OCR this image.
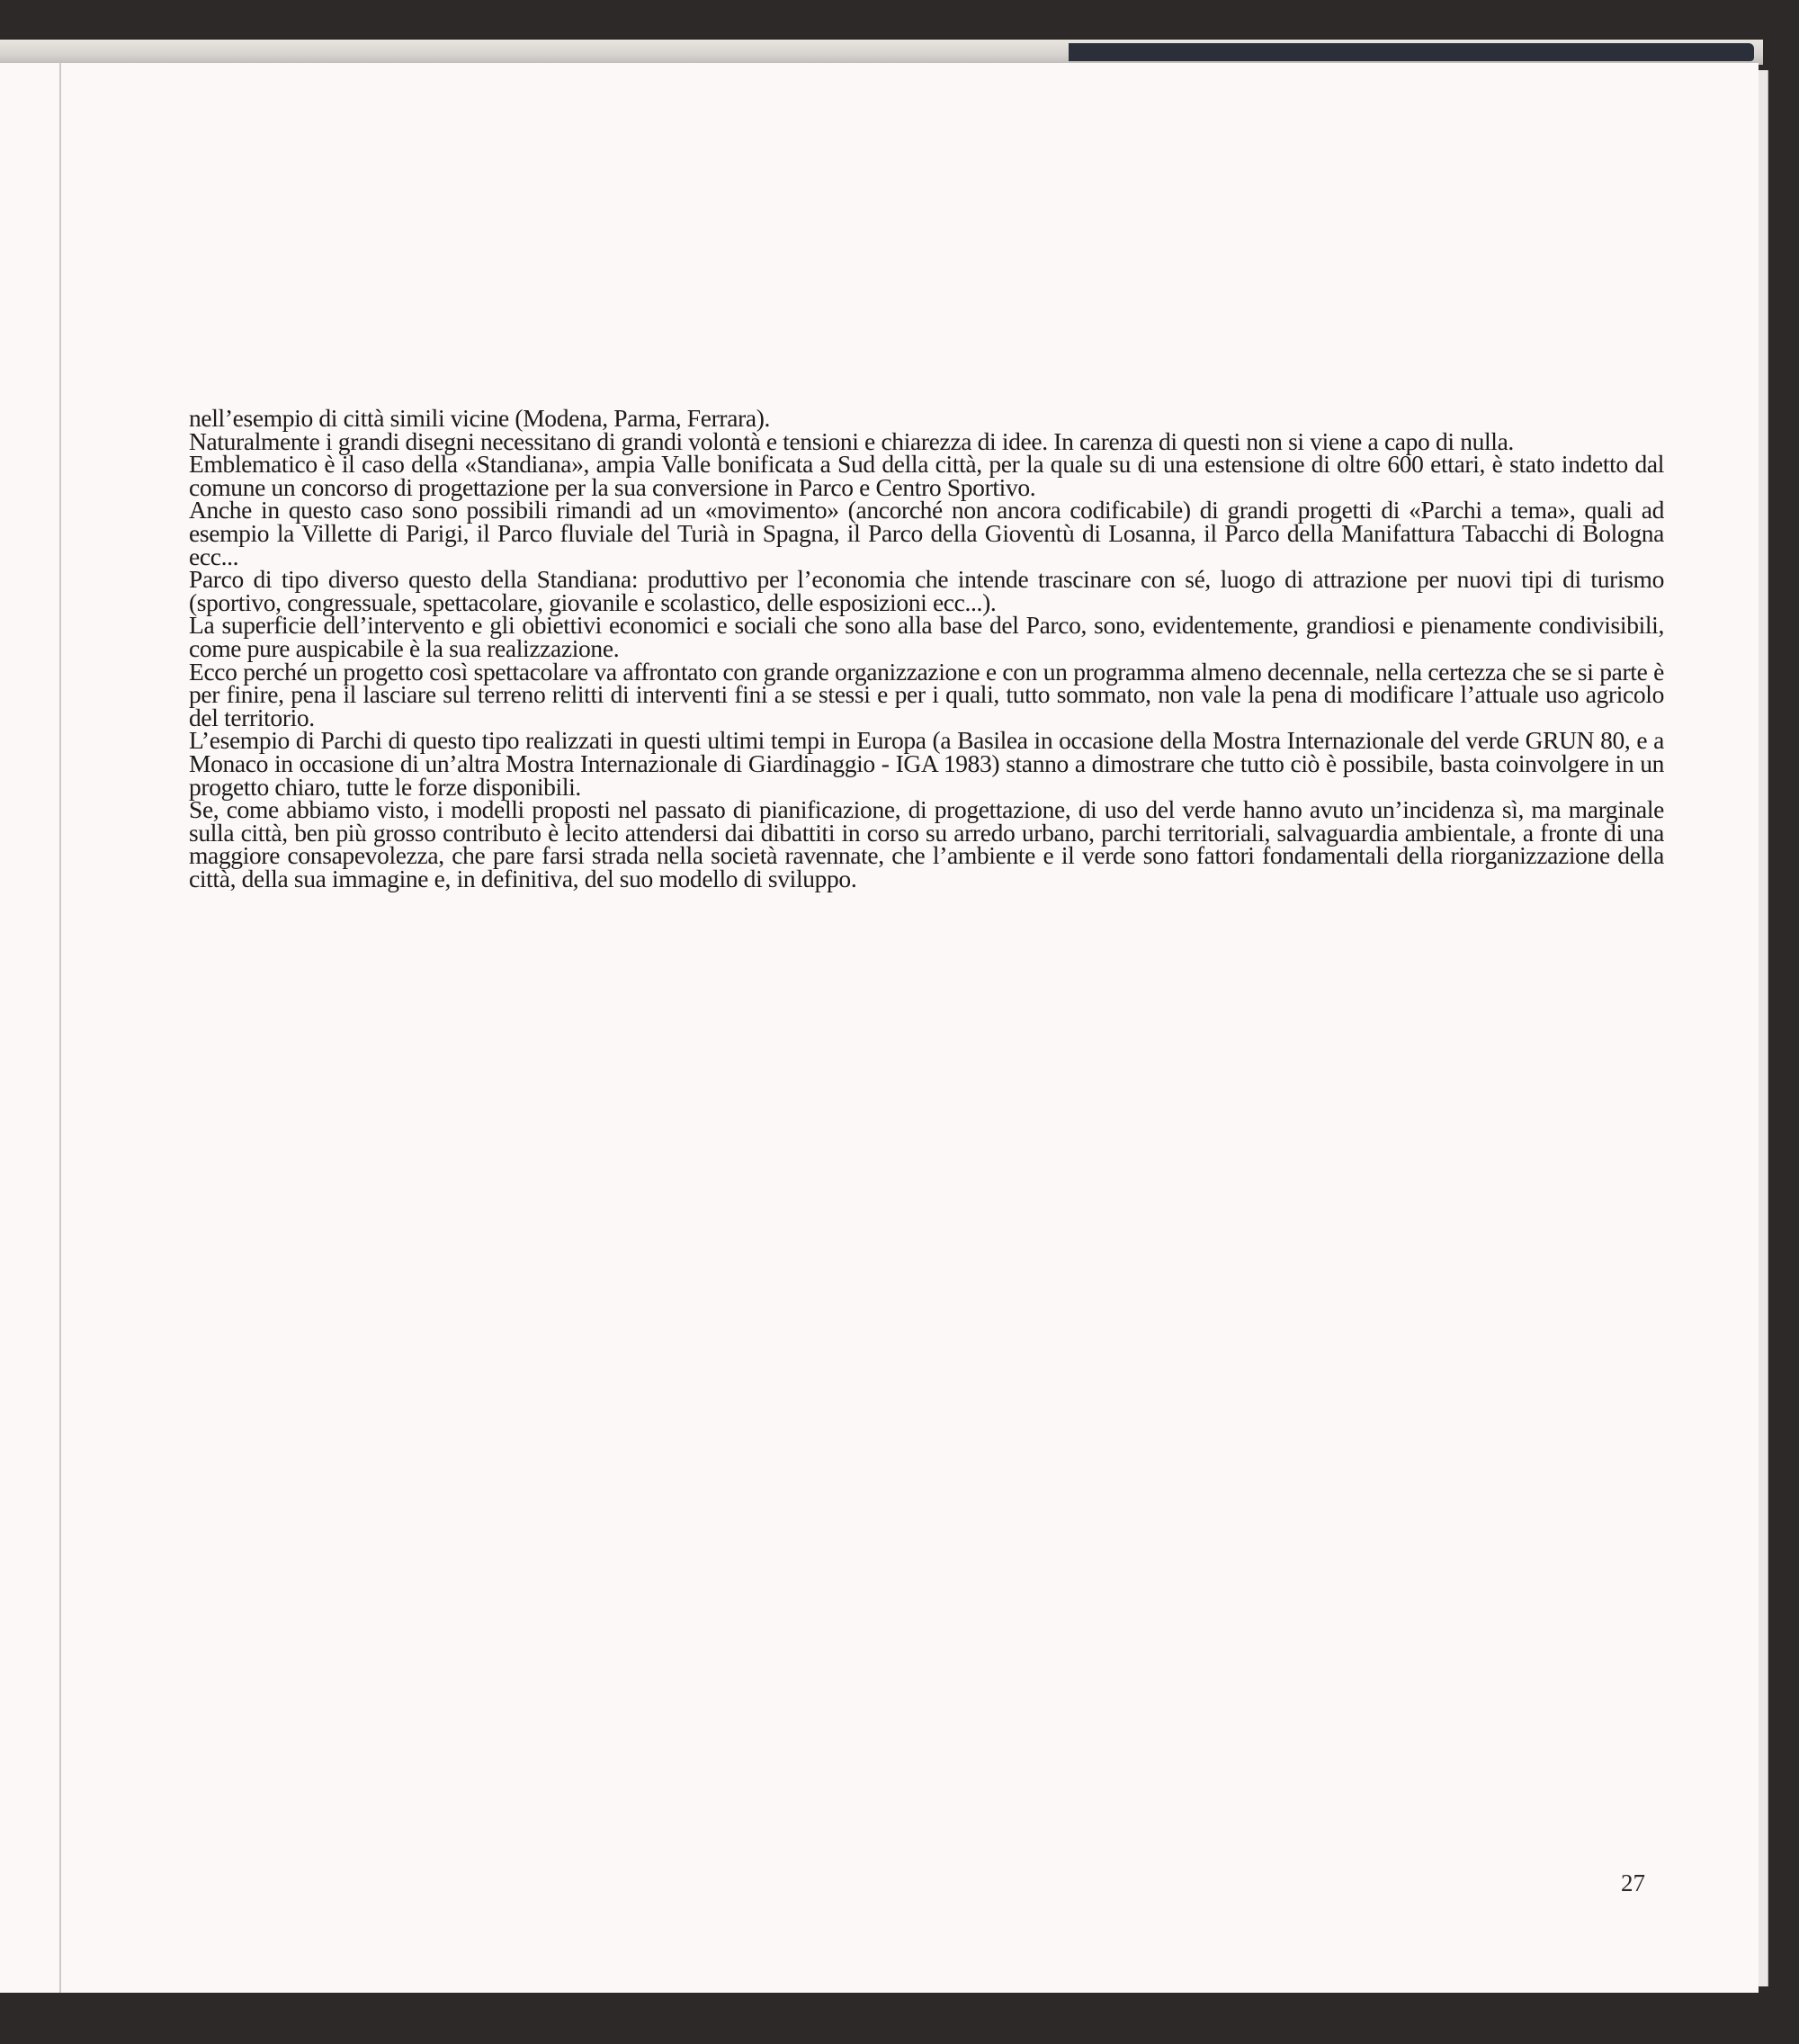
nell’esempio di città simili vicine (Modena, Parma, Ferrara).

Naturalmente i grandi disegni necessitano di grandi volontà e tensioni e chiarezza di idee. In carenza di questi non si viene a capo di nulla.

Emblematico è il caso della «Standiana», ampia Valle bonificata a Sud della città, per la quale su di una estensione di oltre 600 ettari, è stato indetto dal comune un concorso di progettazione per la sua conversione in Parco e Centro Sportivo.

Anche in questo caso sono possibili rimandi ad un «movimento» (ancorché non ancora codificabile) di grandi progetti di «Parchi a tema», quali ad esempio la Villette di Parigi, il Parco fluviale del Turià in Spagna, il Parco della Gioventù di Losanna, il Parco della Manifattura Tabacchi di Bologna ecc...

Parco di tipo diverso questo della Standiana: produttivo per l’economia che intende trascinare con sé, luogo di attrazione per nuovi tipi di turismo (sportivo, congressuale, spettacolare, giovanile e scolastico, delle esposizioni ecc...).

La superficie dell’intervento e gli obiettivi economici e sociali che sono alla base del Parco, sono, evidentemente, grandiosi e pienamente condivisibili, come pure auspicabile è la sua realizzazione.

Ecco perché un progetto così spettacolare va affrontato con grande organizzazione e con un programma almeno decennale, nella certezza che se si parte è per finire, pena il lasciare sul terreno relitti di interventi fini a se stessi e per i quali, tutto sommato, non vale la pena di modificare l’attuale uso agricolo del territorio.

L’esempio di Parchi di questo tipo realizzati in questi ultimi tempi in Europa (a Basilea in occasione della Mostra Internazionale del verde GRUN 80, e a Monaco in occasione di un’altra Mostra Internazionale di Giardinaggio - IGA 1983) stanno a dimostrare che tutto ciò è possibile, basta coinvolgere in un progetto chiaro, tutte le forze disponibili.

Se, come abbiamo visto, i modelli proposti nel passato di pianificazione, di progettazione, di uso del verde hanno avuto un’incidenza sì, ma marginale sulla città, ben più grosso contributo è lecito attendersi dai dibattiti in corso su arredo urbano, parchi territoriali, salvaguardia ambientale, a fronte di una maggiore consapevolezza, che pare farsi strada nella società ravennate, che l’ambiente e il verde sono fattori fondamentali della riorganizzazione della città, della sua immagine e, in definitiva, del suo modello di sviluppo.

27
